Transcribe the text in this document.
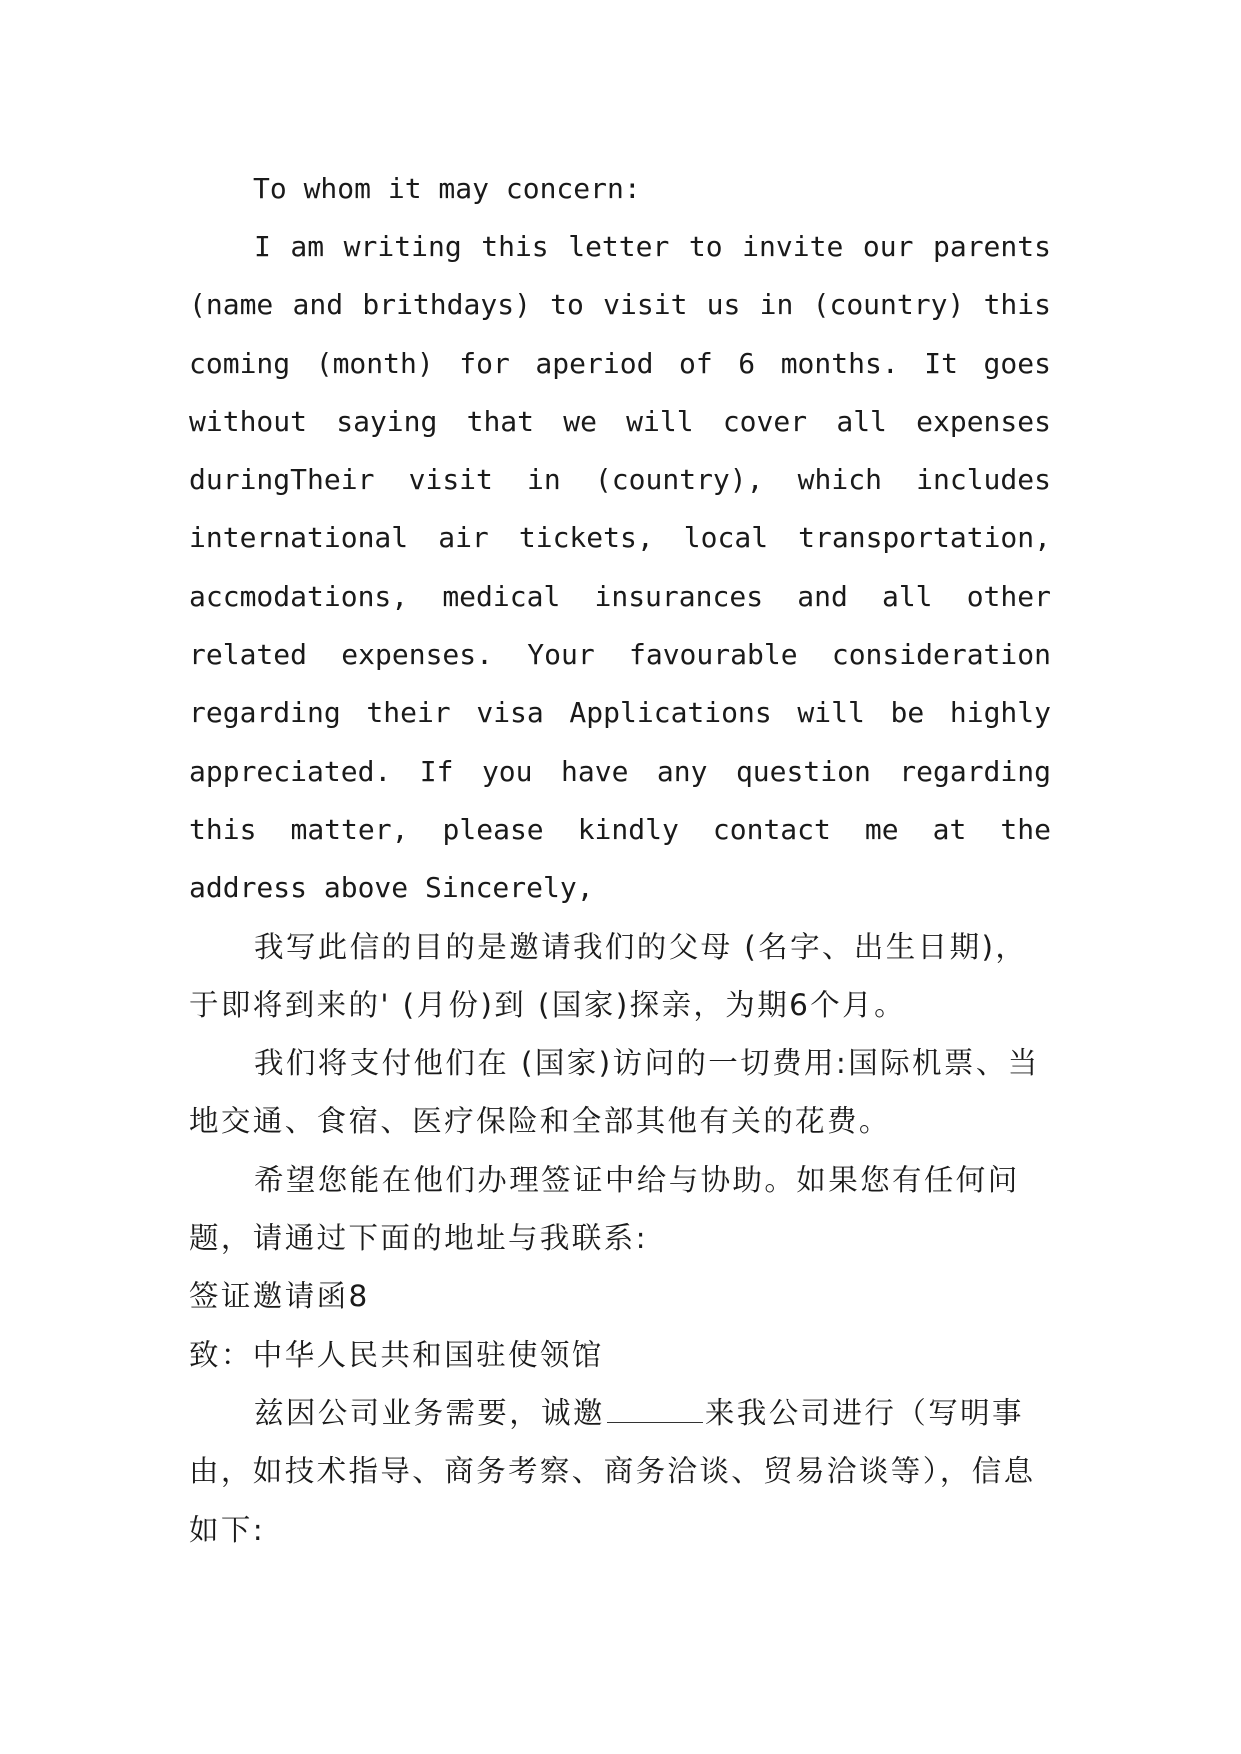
To whom it may concern:

I am writing this letter to invite our parents (name and brithdays) to visit us in (country) this coming (month) for aperiod of 6 months. It goes without saying that we will cover all expenses duringTheir visit in (country), which includes international air tickets, local transportation, accmodations, medical insurances and all other related expenses. Your favourable consideration regarding their visa Applications will be highly appreciated. If you have any question regarding this matter, please kindly contact me at the address above Sincerely,

我写此信的目的是邀请我们的父母 (名字、出生日期)，于即将到来的' (月份)到 (国家)探亲，为期6个月。

我们将支付他们在 (国家)访问的一切费用:国际机票、当地交通、食宿、医疗保险和全部其他有关的花费。

希望您能在他们办理签证中给与协助。如果您有任何问题，请通过下面的地址与我联系:

签证邀请函8

致：中华人民共和国驻使领馆

兹因公司业务需要，诚邀	来我公司进行（写明事由，如技术指导、商务考察、商务洽谈、贸易洽谈等），信息如下:
